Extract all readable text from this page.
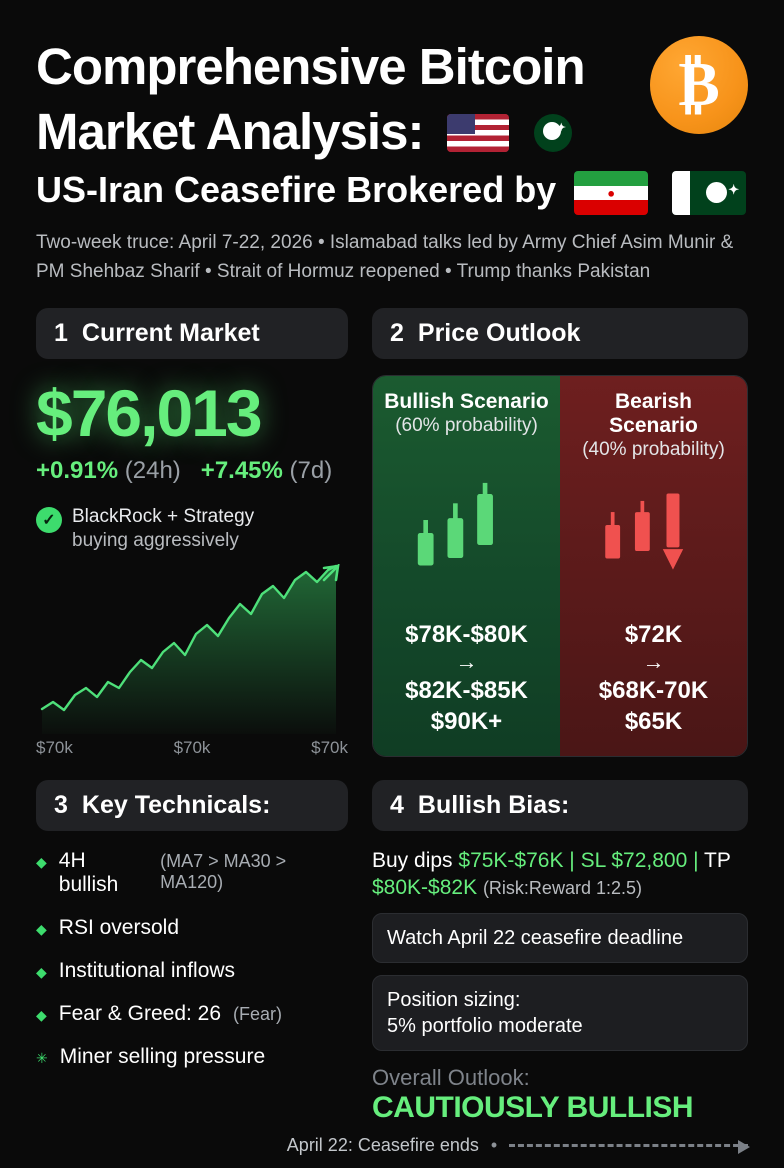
₿
Comprehensive Bitcoin
Market Analysis:
	✦
US-Iran Ceasefire Brokered by	●
	✦

Two-week truce: April 7-22, 2026 • Islamabad talks led by Army Chief Asim Munir & PM Shehbaz Sharif • Strait of Hormuz reopened • Trump thanks Pakistan

1 Current Market
$76,013
+0.91% (24h) +7.45% (7d)
✓ BlackRock + Strategy
buying aggressively
$70k	$70k	$70k
2 Price Outlook
Bullish Scenario
(60% probability)
$78K-$80K
→
$82K-$85K
$90K+
Bearish Scenario
(40% probability)
$72K
→
$68K-70K
$65K
3 Key Technicals:
◆ 4H bullish
(MA7 > MA30 > MA120)
◆ RSI oversold
◆ Institutional inflows
◆ Fear & Greed: 26 (Fear)
✳ Miner selling pressure
4 Bullish Bias:
Buy dips $75K-$76K | SL $72,800 | TP $80K-$82K (Risk:Reward 1:2.5)
Watch April 22 ceasefire deadline
Position sizing:
5% portfolio moderate
Overall Outlook:
CAUTIOUSLY BULLISH
April 22: Ceasefire ends •
